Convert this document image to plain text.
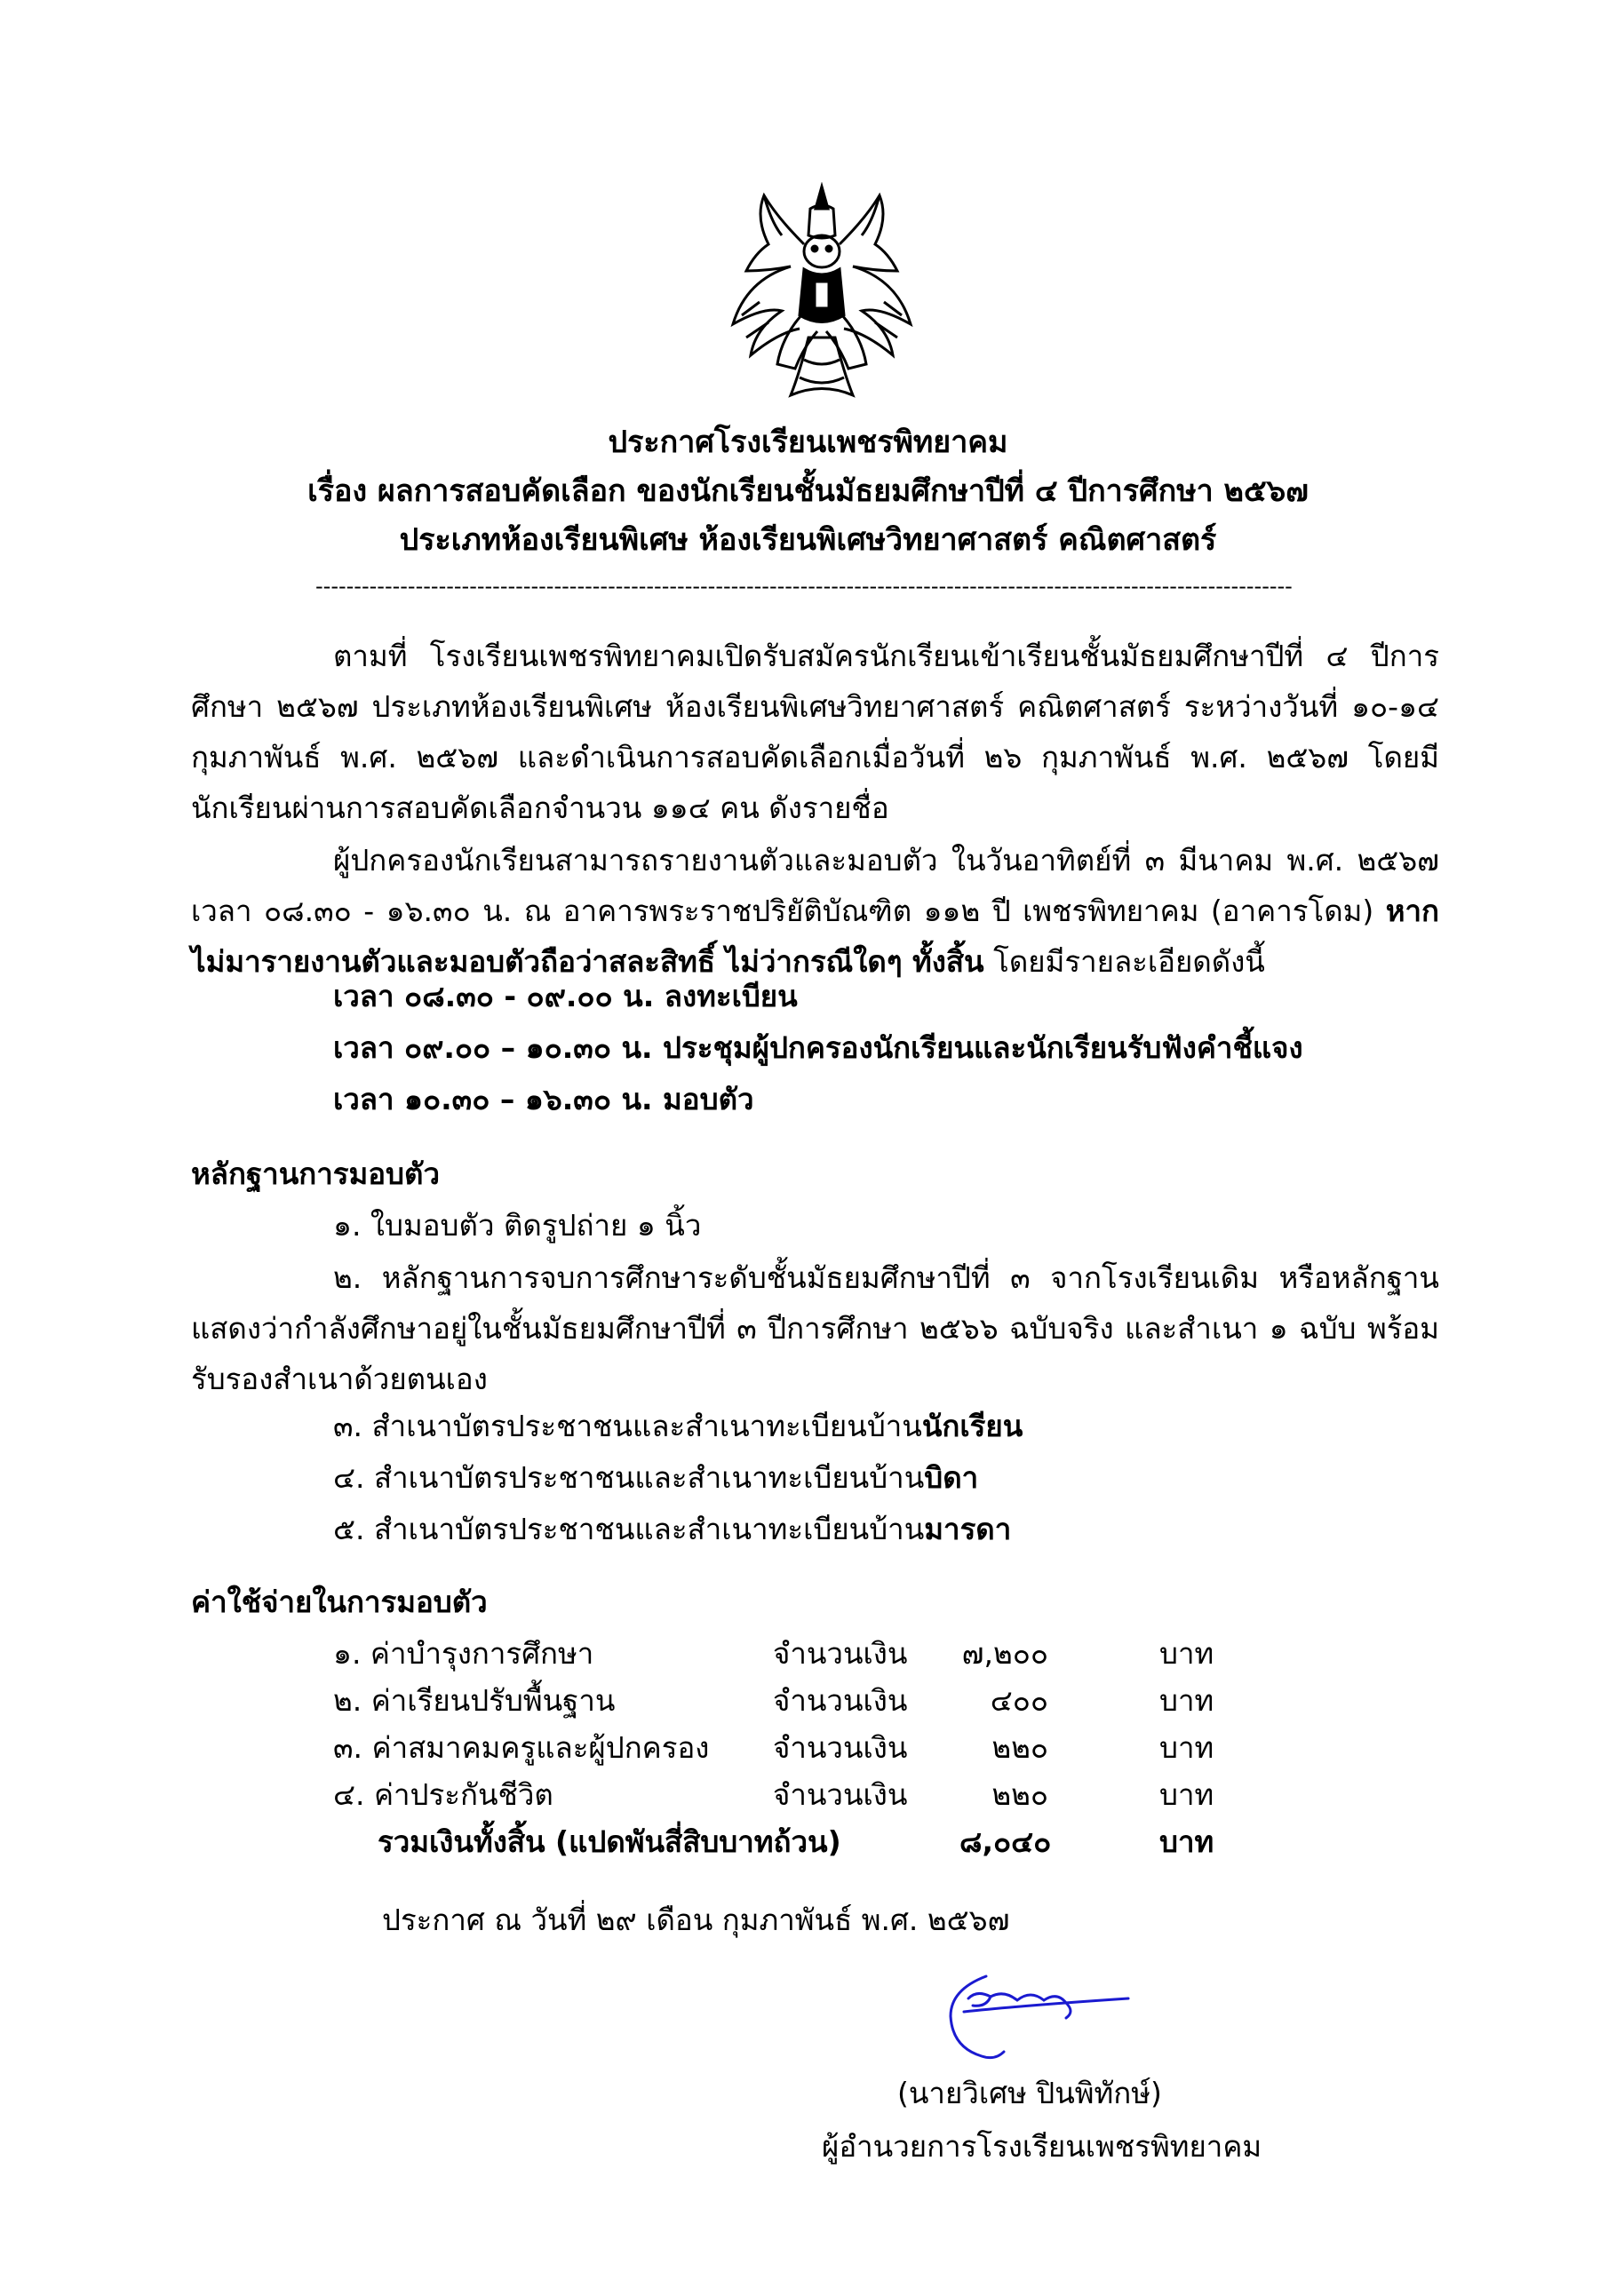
ประกาศโรงเรียนเพชรพิทยาคม
เรื่อง ผลการสอบคัดเลือก ของนักเรียนชั้นมัธยมศึกษาปีที่ ๔ ปีการศึกษา ๒๕๖๗
ประเภทห้องเรียนพิเศษ ห้องเรียนพิเศษวิทยาศาสตร์ คณิตศาสตร์
-------------------------------------------------------------------------------------------------------------------------------
ตามที่ โรงเรียนเพชรพิทยาคมเปิดรับสมัครนักเรียนเข้าเรียนชั้นมัธยมศึกษาปีที่ ๔ ปีการศึกษา ๒๕๖๗ ประเภทห้องเรียนพิเศษ ห้องเรียนพิเศษวิทยาศาสตร์ คณิตศาสตร์ ระหว่างวันที่ ๑๐-๑๔ กุมภาพันธ์ พ.ศ. ๒๕๖๗ และดำเนินการสอบคัดเลือกเมื่อวันที่ ๒๖ กุมภาพันธ์ พ.ศ. ๒๕๖๗ โดยมีนักเรียนผ่านการสอบคัดเลือกจำนวน ๑๑๔ คน ดังรายชื่อ
ผู้ปกครองนักเรียนสามารถรายงานตัวและมอบตัว ในวันอาทิตย์ที่ ๓ มีนาคม พ.ศ. ๒๕๖๗ เวลา ๐๘.๓๐ - ๑๖.๓๐ น. ณ อาคารพระราชปริยัติบัณฑิต ๑๑๒ ปี เพชรพิทยาคม (อาคารโดม) หากไม่มารายงานตัวและมอบตัวถือว่าสละสิทธิ์ ไม่ว่ากรณีใดๆ ทั้งสิ้น โดยมีรายละเอียดดังนี้
เวลา ๐๘.๓๐ - ๐๙.๐๐ น. ลงทะเบียน
เวลา ๐๙.๐๐ – ๑๐.๓๐ น. ประชุมผู้ปกครองนักเรียนและนักเรียนรับฟังคำชี้แจง
เวลา ๑๐.๓๐ – ๑๖.๓๐ น. มอบตัว
หลักฐานการมอบตัว
๑. ใบมอบตัว ติดรูปถ่าย ๑ นิ้ว
๒. หลักฐานการจบการศึกษาระดับชั้นมัธยมศึกษาปีที่ ๓ จากโรงเรียนเดิม หรือหลักฐานแสดงว่ากำลังศึกษาอยู่ในชั้นมัธยมศึกษาปีที่ ๓ ปีการศึกษา ๒๕๖๖ ฉบับจริง และสำเนา ๑ ฉบับ พร้อมรับรองสำเนาด้วยตนเอง
๓. สำเนาบัตรประชาชนและสำเนาทะเบียนบ้านนักเรียน
๔. สำเนาบัตรประชาชนและสำเนาทะเบียนบ้านบิดา
๕. สำเนาบัตรประชาชนและสำเนาทะเบียนบ้านมารดา
ค่าใช้จ่ายในการมอบตัว
๑. ค่าบำรุงการศึกษา	จำนวนเงิน ๗,๒๐๐	บาท
๒. ค่าเรียนปรับพื้นฐาน	จำนวนเงิน	๔๐๐	บาท
๓. ค่าสมาคมครูและผู้ปกครอง จำนวนเงิน	๒๒๐	บาท
๔. ค่าประกันชีวิต	จำนวนเงิน	๒๒๐	บาท
รวมเงินทั้งสิ้น (แปดพันสี่สิบบาทถ้วน)	๘,๐๔๐	บาท
ประกาศ ณ วันที่ ๒๙ เดือน กุมภาพันธ์ พ.ศ. ๒๕๖๗
(นายวิเศษ ปินพิทักษ์)
ผู้อำนวยการโรงเรียนเพชรพิทยาคม
